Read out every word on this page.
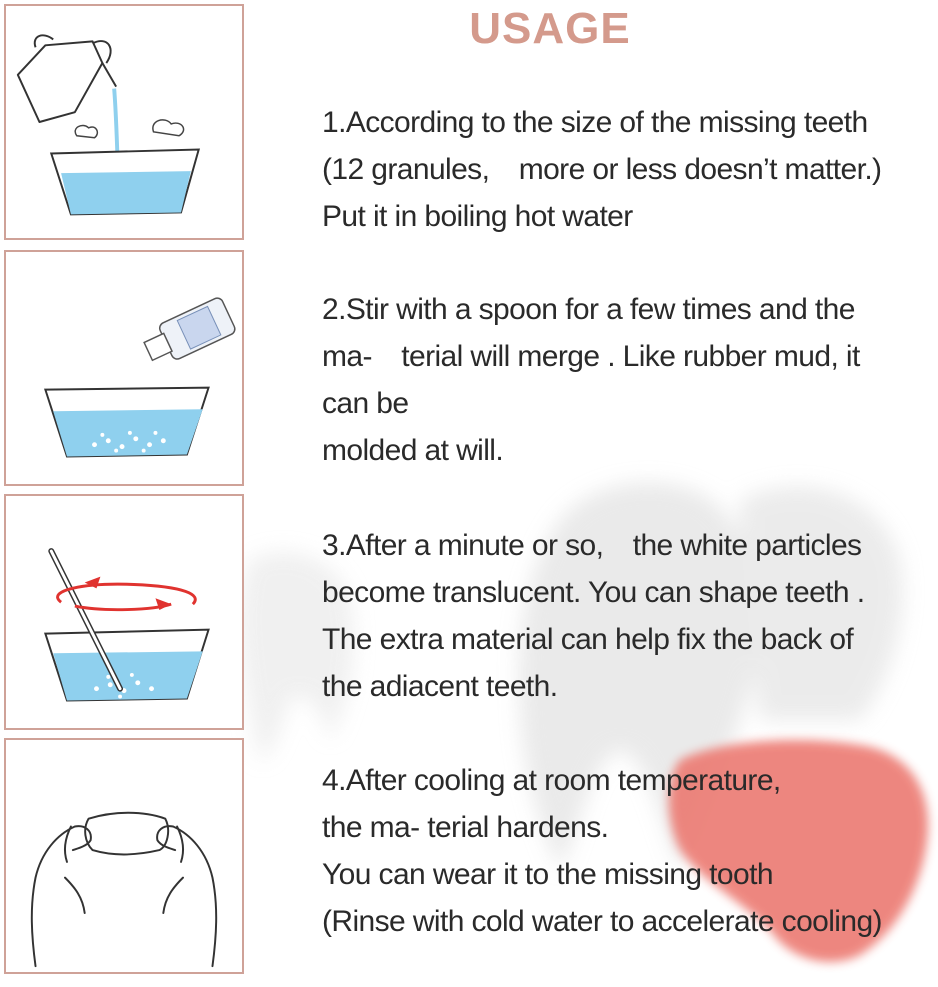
USAGE
1.According to the size of the missing teeth
(12 granules,　more or less doesn’t matter.)
Put it in boiling hot water
2.Stir with a spoon for a few times and the
ma-　terial will merge . Like rubber mud, it
can be
molded at will.
3.After a minute or so,　the white particles
become translucent. You can shape teeth .
The extra material can help fix the back of
the adiacent teeth.
4.After cooling at room temperature,
the ma- terial hardens.
You can wear it to the missing tooth
(Rinse with cold water to accelerate cooling)
